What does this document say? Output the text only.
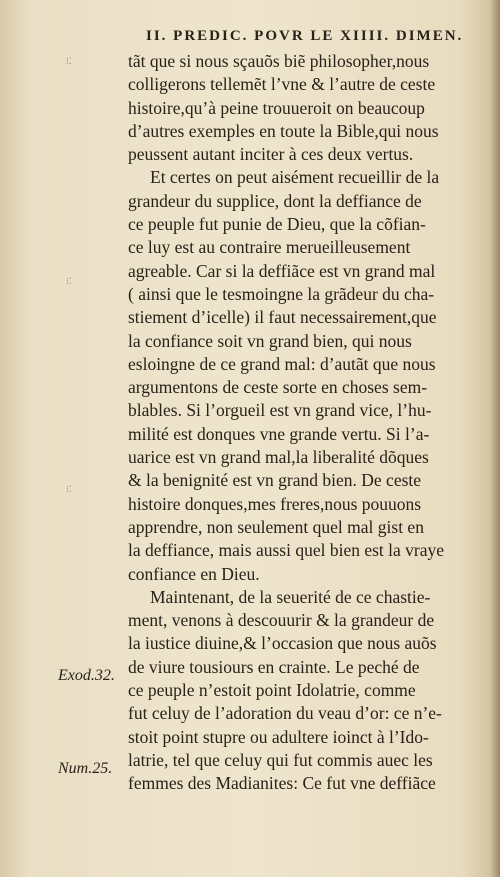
II. PREDIC. POVR LE XIIII. DIMEN.
⁝⁚
⁝⁚
⁝⁚
tãt que si nous sçauõs biẽ philosopher,nous
colligerons tellemẽt l’vne & l’autre de ceste
histoire,qu’à peine trouueroit on beaucoup
d’autres exemples en toute la Bible,qui nous
peussent autant inciter à ces deux vertus.
Et certes on peut aisément recueillir de la
grandeur du supplice, dont la deffiance de
ce peuple fut punie de Dieu, que la cõfian-
ce luy est au contraire merueilleusement
agreable. Car si la deffiãce est vn grand mal
( ainsi que le tesmoingne la grãdeur du cha-
stiement d’icelle) il faut necessairement,que
la confiance soit vn grand bien, qui nous
esloingne de ce grand mal: d’autãt que nous
argumentons de ceste sorte en choses sem-
blables. Si l’orgueil est vn grand vice, l’hu-
milité est donques vne grande vertu. Si l’a-
uarice est vn grand mal,la liberalité dõques
& la benignité est vn grand bien. De ceste
histoire donques,mes freres,nous pouuons
apprendre, non seulement quel mal gist en
la deffiance, mais aussi quel bien est la vraye
confiance en Dieu.
Maintenant, de la seuerité de ce chastie-
ment, venons à descouurir & la grandeur de
la iustice diuine,& l’occasion que nous auõs
de viure tousiours en crainte. Le peché de
ce peuple n’estoit point Idolatrie, comme
fut celuy de l’adoration du veau d’or: ce n’e-
stoit point stupre ou adultere ioinct à l’Ido-
latrie, tel que celuy qui fut commis auec les
femmes des Madianites: Ce fut vne deffiãce
Exod.32.
Num.25.
